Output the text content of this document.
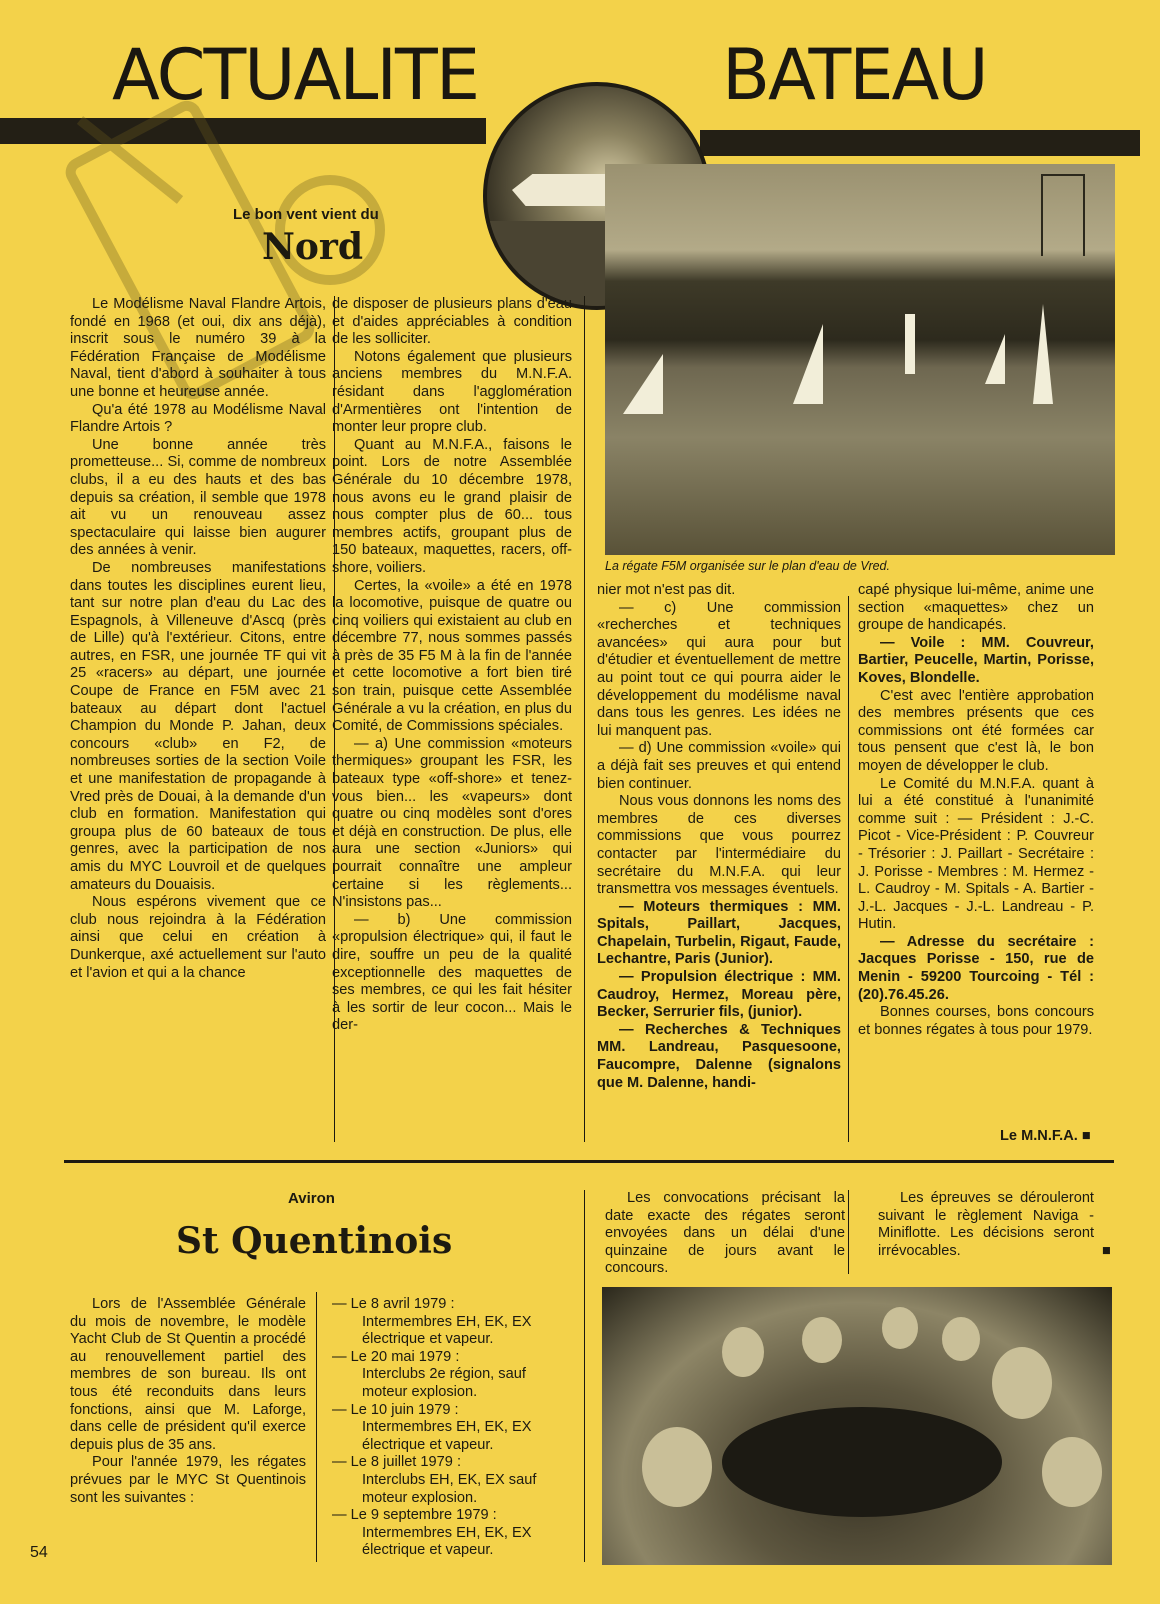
ACTUALITE	BATEAU
Le bon vent vient du
Nord

Le Modélisme Naval Flandre Artois, fondé en 1968 (et oui, dix ans déjà), inscrit sous le numéro 39 à la Fédération Française de Modélisme Naval, tient d'abord à souhaiter à tous une bonne et heureuse année.

Qu'a été 1978 au Modélisme Naval Flandre Artois ?

Une bonne année très prometteuse... Si, comme de nombreux clubs, il a eu des hauts et des bas depuis sa création, il semble que 1978 ait vu un renouveau assez spectaculaire qui laisse bien augurer des années à venir.

De nombreuses manifestations dans toutes les disciplines eurent lieu, tant sur notre plan d'eau du Lac des Espagnols, à Villeneuve d'Ascq (près de Lille) qu'à l'extérieur. Citons, entre autres, en FSR, une journée TF qui vit 25 «racers» au départ, une journée Coupe de France en F5M avec 21 bateaux au départ dont l'actuel Champion du Monde P. Jahan, deux concours «club» en F2, de nombreuses sorties de la section Voile et une manifestation de propagande à Vred près de Douai, à la demande d'un club en formation. Manifestation qui groupa plus de 60 bateaux de tous genres, avec la participation de nos amis du MYC Louvroil et de quelques amateurs du Douaisis.

Nous espérons vivement que ce club nous rejoindra à la Fédération ainsi que celui en création à Dunkerque, axé actuellement sur l'auto et l'avion et qui a la chance

de disposer de plusieurs plans d'eau et d'aides appréciables à condition de les solliciter.

Notons également que plusieurs anciens membres du M.N.F.A. résidant dans l'agglomération d'Armentières ont l'intention de monter leur propre club.

Quant au M.N.F.A., faisons le point. Lors de notre Assemblée Générale du 10 décembre 1978, nous avons eu le grand plaisir de nous compter plus de 60... tous membres actifs, groupant plus de 150 bateaux, maquettes, racers, off-shore, voiliers.

Certes, la «voile» a été en 1978 la locomotive, puisque de quatre ou cinq voiliers qui existaient au club en décembre 77, nous sommes passés à près de 35 F5 M à la fin de l'année et cette locomotive a fort bien tiré son train, puisque cette Assemblée Générale a vu la création, en plus du Comité, de Commissions spéciales.

— a) Une commission «moteurs thermiques» groupant les FSR, les bateaux type «off-shore» et tenez-vous bien... les «vapeurs» dont quatre ou cinq modèles sont d'ores et déjà en construction. De plus, elle aura une section «Juniors» qui pourrait connaître une ampleur certaine si les règlements... N'insistons pas...

— b) Une commission «propulsion électrique» qui, il faut le dire, souffre un peu de la qualité exceptionnelle des maquettes de ses membres, ce qui les fait hésiter à les sortir de leur cocon... Mais le der-

La régate F5M organisée sur le plan d'eau de Vred.

nier mot n'est pas dit.

— c) Une commission «recherches et techniques avancées» qui aura pour but d'étudier et éventuellement de mettre au point tout ce qui pourra aider le développement du modélisme naval dans tous les genres. Les idées ne lui manquent pas.

— d) Une commission «voile» qui a déjà fait ses preuves et qui entend bien continuer.

Nous vous donnons les noms des membres de ces diverses commissions que vous pourrez contacter par l'intermédiaire du secrétaire du M.N.F.A. qui leur transmettra vos messages éventuels.

— Moteurs thermiques : MM. Spitals, Paillart, Jacques, Chapelain, Turbelin, Rigaut, Faude, Lechantre, Paris (Junior).

— Propulsion électrique : MM. Caudroy, Hermez, Moreau père, Becker, Serrurier fils, (junior).

— Recherches & Techniques MM. Landreau, Pasquesoone, Faucompre, Dalenne (signalons que M. Dalenne, handi-

capé physique lui-même, anime une section «maquettes» chez un groupe de handicapés.

— Voile : MM. Couvreur, Bartier, Peucelle, Martin, Porisse, Koves, Blondelle.

C'est avec l'entière approbation des membres présents que ces commissions ont été formées car tous pensent que c'est là, le bon moyen de développer le club.

Le Comité du M.N.F.A. quant à lui a été constitué à l'unanimité comme suit : — Président : J.-C. Picot - Vice-Président : P. Couvreur - Trésorier : J. Paillart - Secrétaire : J. Porisse - Membres : M. Hermez - L. Caudroy - M. Spitals - A. Bartier - J.-L. Jacques - J.-L. Landreau - P. Hutin.

— Adresse du secrétaire : Jacques Porisse - 150, rue de Menin - 59200 Tourcoing - Tél : (20).76.45.26.

Bonnes courses, bons concours et bonnes régates à tous pour 1979.

Le M.N.F.A. ■
Aviron
St Quentinois

Lors de l'Assemblée Générale du mois de novembre, le modèle Yacht Club de St Quentin a procédé au renouvellement partiel des membres de son bureau. Ils ont tous été reconduits dans leurs fonctions, ainsi que M. Laforge, dans celle de président qu'il exerce depuis plus de 35 ans.

Pour l'année 1979, les régates prévues par le MYC St Quentinois sont les suivantes :

— Le 8 avril 1979 :
Intermembres EH, EK, EX électrique et vapeur.
— Le 20 mai 1979 :
Interclubs 2e région, sauf moteur explosion.
— Le 10 juin 1979 :
Intermembres EH, EK, EX électrique et vapeur.
— Le 8 juillet 1979 :
Interclubs EH, EK, EX sauf moteur explosion.
— Le 9 septembre 1979 :
Intermembres EH, EK, EX électrique et vapeur.

Les convocations précisant la date exacte des régates seront envoyées dans un délai d'une quinzaine de jours avant le concours.

Les épreuves se dérouleront suivant le règlement Naviga - Miniflotte. Les décisions seront irrévocables.	■
54
